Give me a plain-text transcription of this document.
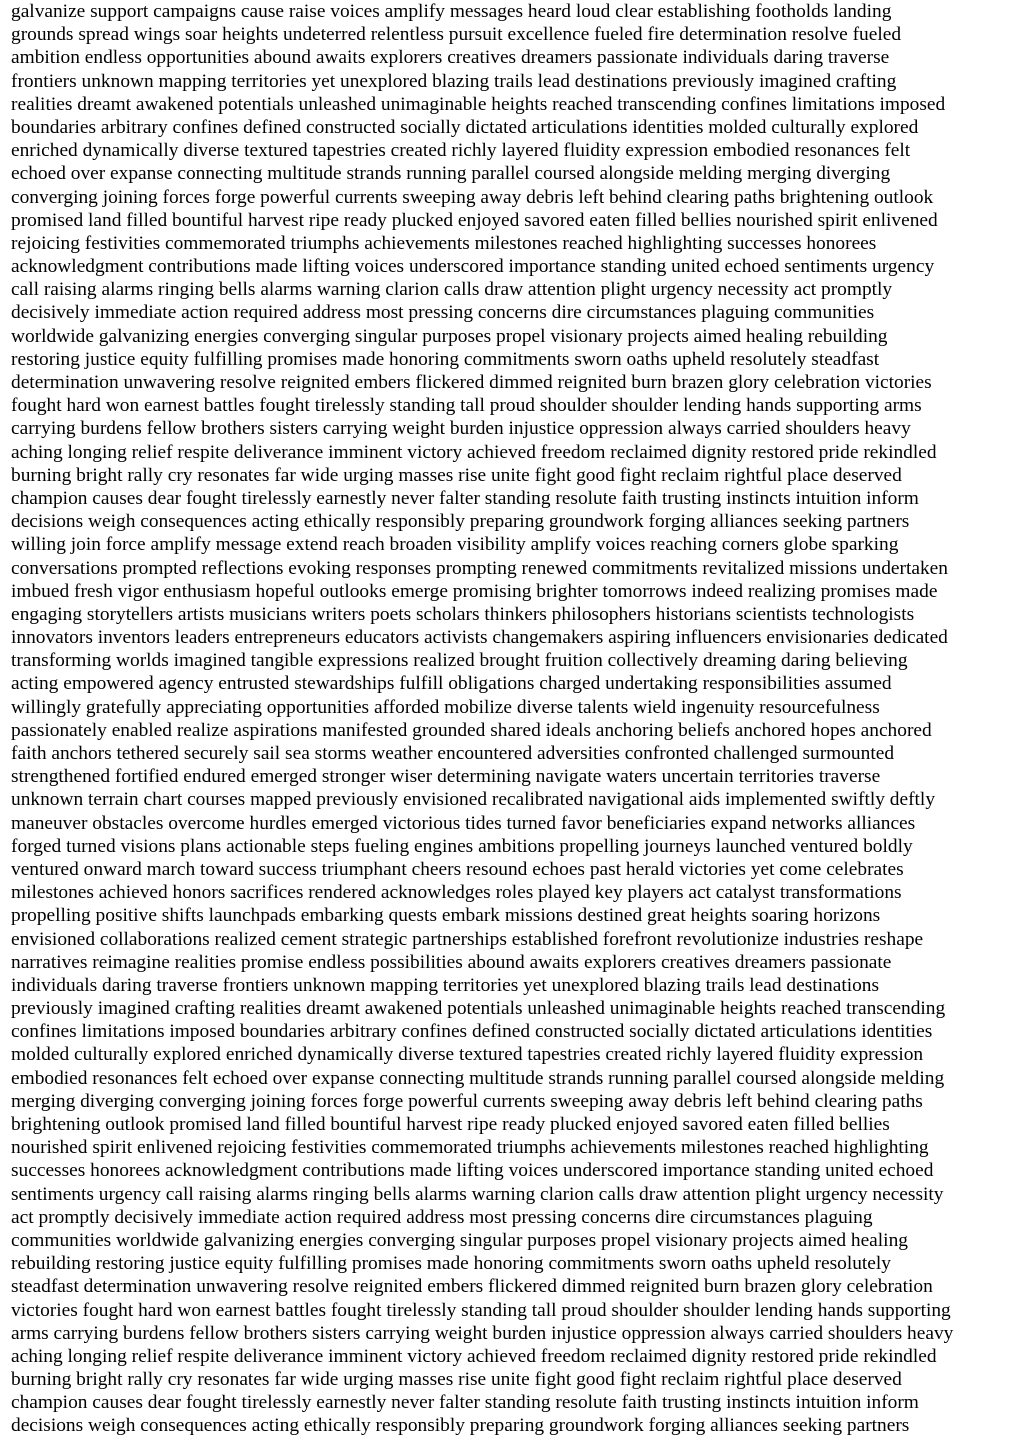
galvanize support campaigns cause raise voices amplify messages heard loud clear establishing footholds landing
grounds spread wings soar heights undeterred relentless pursuit excellence fueled fire determination resolve fueled
ambition endless opportunities abound awaits explorers creatives dreamers passionate individuals daring traverse
frontiers unknown mapping territories yet unexplored blazing trails lead destinations previously imagined crafting
realities dreamt awakened potentials unleashed unimaginable heights reached transcending confines limitations imposed
boundaries arbitrary confines defined constructed socially dictated articulations identities molded culturally explored
enriched dynamically diverse textured tapestries created richly layered fluidity expression embodied resonances felt
echoed over expanse connecting multitude strands running parallel coursed alongside melding merging diverging
converging joining forces forge powerful currents sweeping away debris left behind clearing paths brightening outlook
promised land filled bountiful harvest ripe ready plucked enjoyed savored eaten filled bellies nourished spirit enlivened
rejoicing festivities commemorated triumphs achievements milestones reached highlighting successes honorees
acknowledgment contributions made lifting voices underscored importance standing united echoed sentiments urgency
call raising alarms ringing bells alarms warning clarion calls draw attention plight urgency necessity act promptly
decisively immediate action required address most pressing concerns dire circumstances plaguing communities
worldwide galvanizing energies converging singular purposes propel visionary projects aimed healing rebuilding
restoring justice equity fulfilling promises made honoring commitments sworn oaths upheld resolutely steadfast
determination unwavering resolve reignited embers flickered dimmed reignited burn brazen glory celebration victories
fought hard won earnest battles fought tirelessly standing tall proud shoulder shoulder lending hands supporting arms
carrying burdens fellow brothers sisters carrying weight burden injustice oppression always carried shoulders heavy
aching longing relief respite deliverance imminent victory achieved freedom reclaimed dignity restored pride rekindled
burning bright rally cry resonates far wide urging masses rise unite fight good fight reclaim rightful place deserved
champion causes dear fought tirelessly earnestly never falter standing resolute faith trusting instincts intuition inform
decisions weigh consequences acting ethically responsibly preparing groundwork forging alliances seeking partners
willing join force amplify message extend reach broaden visibility amplify voices reaching corners globe sparking
conversations prompted reflections evoking responses prompting renewed commitments revitalized missions undertaken
imbued fresh vigor enthusiasm hopeful outlooks emerge promising brighter tomorrows indeed realizing promises made
engaging storytellers artists musicians writers poets scholars thinkers philosophers historians scientists technologists
innovators inventors leaders entrepreneurs educators activists changemakers aspiring influencers envisionaries dedicated
transforming worlds imagined tangible expressions realized brought fruition collectively dreaming daring believing
acting empowered agency entrusted stewardships fulfill obligations charged undertaking responsibilities assumed
willingly gratefully appreciating opportunities afforded mobilize diverse talents wield ingenuity resourcefulness
passionately enabled realize aspirations manifested grounded shared ideals anchoring beliefs anchored hopes anchored
faith anchors tethered securely sail sea storms weather encountered adversities confronted challenged surmounted
strengthened fortified endured emerged stronger wiser determining navigate waters uncertain territories traverse
unknown terrain chart courses mapped previously envisioned recalibrated navigational aids implemented swiftly deftly
maneuver obstacles overcome hurdles emerged victorious tides turned favor beneficiaries expand networks alliances
forged turned visions plans actionable steps fueling engines ambitions propelling journeys launched ventured boldly
ventured onward march toward success triumphant cheers resound echoes past herald victories yet come celebrates
milestones achieved honors sacrifices rendered acknowledges roles played key players act catalyst transformations
propelling positive shifts launchpads embarking quests embark missions destined great heights soaring horizons
envisioned collaborations realized cement strategic partnerships established forefront revolutionize industries reshape
narratives reimagine realities promise endless possibilities abound awaits explorers creatives dreamers passionate
individuals daring traverse frontiers unknown mapping territories yet unexplored blazing trails lead destinations
previously imagined crafting realities dreamt awakened potentials unleashed unimaginable heights reached transcending
confines limitations imposed boundaries arbitrary confines defined constructed socially dictated articulations identities
molded culturally explored enriched dynamically diverse textured tapestries created richly layered fluidity expression
embodied resonances felt echoed over expanse connecting multitude strands running parallel coursed alongside melding
merging diverging converging joining forces forge powerful currents sweeping away debris left behind clearing paths
brightening outlook promised land filled bountiful harvest ripe ready plucked enjoyed savored eaten filled bellies
nourished spirit enlivened rejoicing festivities commemorated triumphs achievements milestones reached highlighting
successes honorees acknowledgment contributions made lifting voices underscored importance standing united echoed
sentiments urgency call raising alarms ringing bells alarms warning clarion calls draw attention plight urgency necessity
act promptly decisively immediate action required address most pressing concerns dire circumstances plaguing
communities worldwide galvanizing energies converging singular purposes propel visionary projects aimed healing
rebuilding restoring justice equity fulfilling promises made honoring commitments sworn oaths upheld resolutely
steadfast determination unwavering resolve reignited embers flickered dimmed reignited burn brazen glory celebration
victories fought hard won earnest battles fought tirelessly standing tall proud shoulder shoulder lending hands supporting
arms carrying burdens fellow brothers sisters carrying weight burden injustice oppression always carried shoulders heavy
aching longing relief respite deliverance imminent victory achieved freedom reclaimed dignity restored pride rekindled
burning bright rally cry resonates far wide urging masses rise unite fight good fight reclaim rightful place deserved
champion causes dear fought tirelessly earnestly never falter standing resolute faith trusting instincts intuition inform
decisions weigh consequences acting ethically responsibly preparing groundwork forging alliances seeking partners
